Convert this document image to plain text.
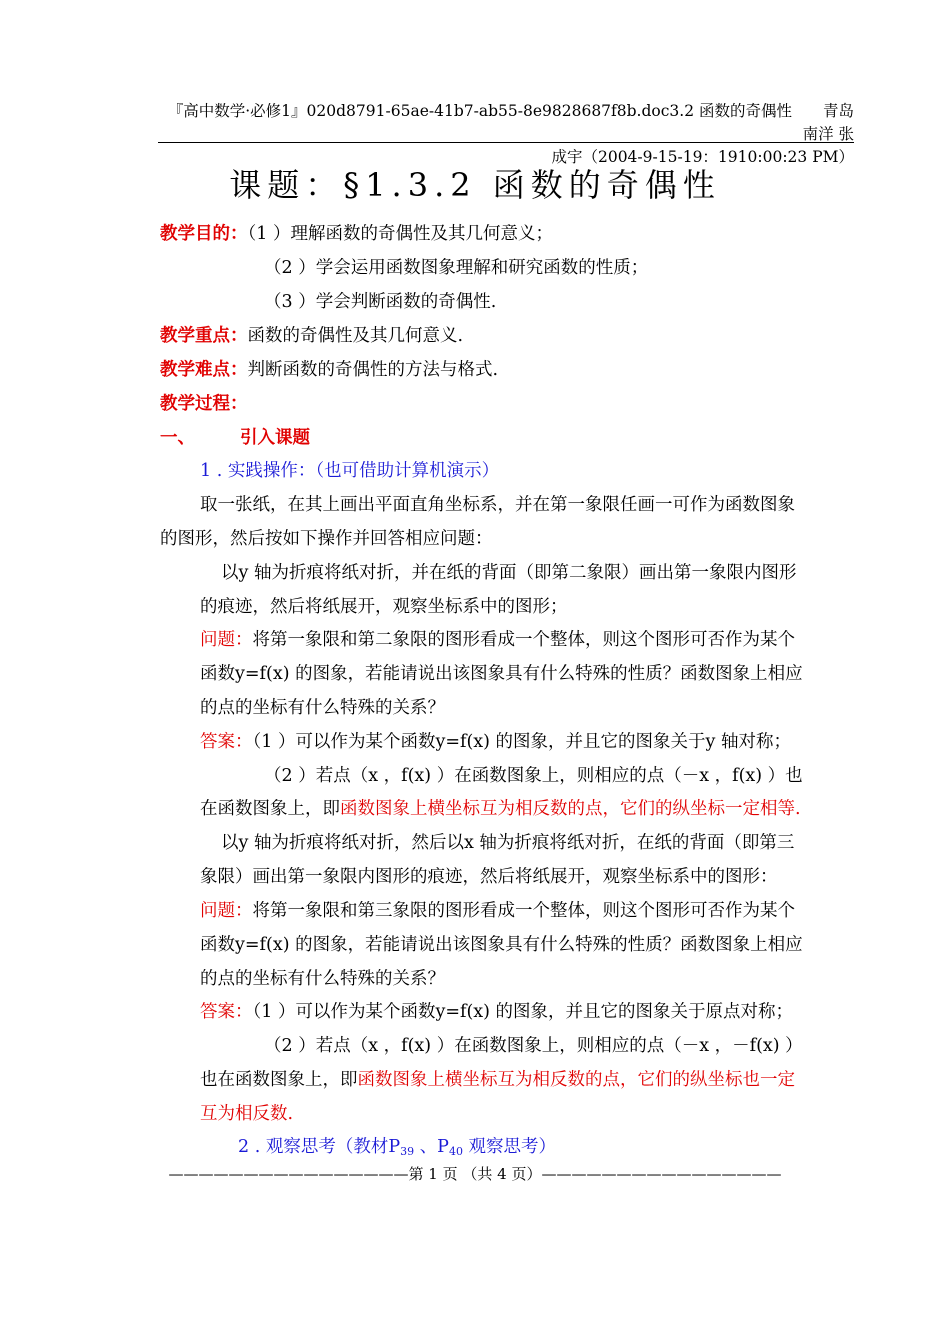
『高中数学·必修1』020d8791-65ae-41b7-ab55-8e9828687f8b.doc3.2 函数的奇偶性　　青岛南洋 张
成宇（2004-9-15-19：1910:00:23 PM）
课题：§1.3.2 函数的奇偶性
教学目的：（1 ）理解函数的奇偶性及其几何意义；
（2 ）学会运用函数图象理解和研究函数的性质；
（3 ）学会判断函数的奇偶性.
教学重点：函数的奇偶性及其几何意义.
教学难点：判断函数的奇偶性的方法与格式.
教学过程：
一、	引入课题
1 . 实践操作：（也可借助计算机演示）
取一张纸，在其上画出平面直角坐标系，并在第一象限任画一可作为函数图象
的图形，然后按如下操作并回答相应问题：
以y 轴为折痕将纸对折，并在纸的背面（即第二象限）画出第一象限内图形
的痕迹，然后将纸展开，观察坐标系中的图形；
问题：将第一象限和第二象限的图形看成一个整体，则这个图形可否作为某个
函数y=f(x) 的图象，若能请说出该图象具有什么特殊的性质？函数图象上相应
的点的坐标有什么特殊的关系？
答案：（1 ）可以作为某个函数y=f(x) 的图象，并且它的图象关于y 轴对称；
（2 ）若点（x ，f(x) ）在函数图象上，则相应的点（－x ，f(x) ）也
在函数图象上，即函数图象上横坐标互为相反数的点，它们的纵坐标一定相等.
以y 轴为折痕将纸对折，然后以x 轴为折痕将纸对折，在纸的背面（即第三
象限）画出第一象限内图形的痕迹，然后将纸展开，观察坐标系中的图形：
问题：将第一象限和第三象限的图形看成一个整体，则这个图形可否作为某个
函数y=f(x) 的图象，若能请说出该图象具有什么特殊的性质？函数图象上相应
的点的坐标有什么特殊的关系？
答案：（1 ）可以作为某个函数y=f(x) 的图象，并且它的图象关于原点对称；
（2 ）若点（x ，f(x) ）在函数图象上，则相应的点（－x ，－f(x) ）
也在函数图象上，即函数图象上横坐标互为相反数的点，它们的纵坐标也一定
互为相反数.
2 . 观察思考（教材$P_{39}$ 、$P_{40}$ 观察思考）
————————————————第 1 页 （共 4 页）————————————————
